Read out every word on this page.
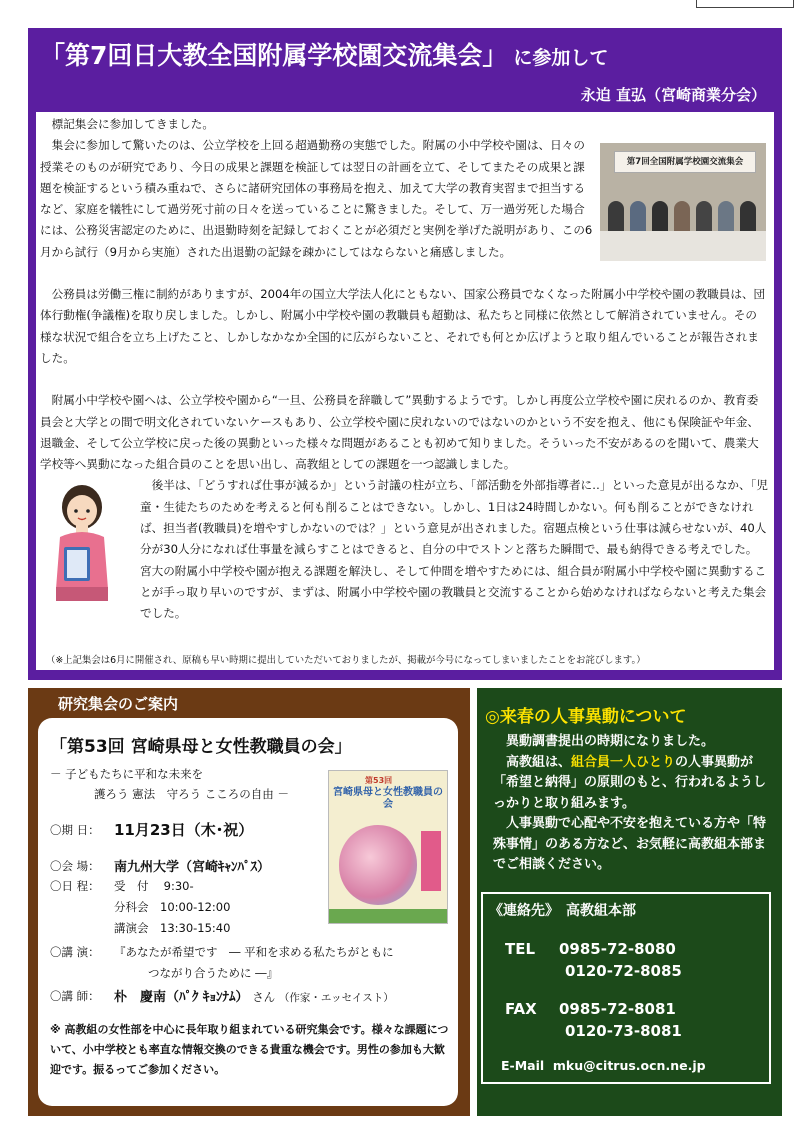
「第7回日大教全国附属学校園交流集会」 に参加して
永迫 直弘（宮崎商業分会）

標記集会に参加してきました。

第7回全国附属学校園交流集会

集会に参加して驚いたのは、公立学校を上回る超過勤務の実態でした。附属の小中学校や園は、日々の授業そのものが研究であり、今日の成果と課題を検証しては翌日の計画を立て、そしてまたその成果と課題を検証するという積み重ねで、さらに諸研究団体の事務局を抱え、加えて大学の教育実習まで担当するなど、家庭を犠牲にして過労死寸前の日々を送っていることに驚きました。そして、万一過労死した場合には、公務災害認定のために、出退勤時刻を記録しておくことが必須だと実例を挙げた説明があり、この6月から試行（9月から実施）された出退勤の記録を疎かにしてはならないと痛感しました。

公務員は労働三権に制約がありますが、2004年の国立大学法人化にともない、国家公務員でなくなった附属小中学校や園の教職員は、団体行動権(争議権)を取り戻しました。しかし、附属小中学校や園の教職員も超勤は、私たちと同様に依然として解消されていません。その様な状況で組合を立ち上げたこと、しかしなかなか全国的に広がらないこと、それでも何とか広げようと取り組んでいることが報告されました。

附属小中学校や園へは、公立学校や園から“一旦、公務員を辞職して”異動するようです。しかし再度公立学校や園に戻れるのか、教育委員会と大学との間で明文化されていないケースもあり、公立学校や園に戻れないのではないのかという不安を抱え、他にも保険証や年金、退職金、そして公立学校に戻った後の異動といった様々な問題があることも初めて知りました。そういった不安があるのを聞いて、農業大学校等へ異動になった組合員のことを思い出し、高教組としての課題を一つ認識しました。

後半は、「どうすれば仕事が減るか」という討議の柱が立ち、「部活動を外部指導者に‥」といった意見が出るなか、「児童・生徒たちのためを考えると何も削ることはできない。しかし、1日は24時間しかない。何も削ることができなければ、担当者(教職員)を増やすしかないのでは？」という意見が出されました。宿題点検という仕事は減らせないが、40人分が30人分になれば仕事量を減らすことはできると、自分の中でストンと落ちた瞬間で、最も納得できる考えでした。宮大の附属小中学校や園が抱える課題を解決し、そして仲間を増やすためには、組合員が附属小中学校や園に異動することが手っ取り早いのですが、まずは、附属小中学校や園の教職員と交流することから始めなければならないと考えた集会でした。

（※上記集会は6月に開催され、原稿も早い時期に提出していただいておりましたが、掲載が今号になってしまいましたことをお詫びします。）
研究集会のご案内
「第53回 宮崎県母と女性教職員の会」
－ 子どもたちに平和な未来を
護ろう 憲法　守ろう こころの自由 －
第53回
宮崎県母と女性教職員の会
〇期 日： 11月23日（木･祝）
〇会 場： 南九州大学（宮崎ｷｬﾝﾊﾟｽ）
〇日 程： 受　付　 9:30-
分科会　10:00-12:00
講演会　13:30-15:40
〇講 演： 『あなたが希望です　― 平和を求める私たちがともに
つながり合うために ―』
〇講 師： 朴　慶南（ﾊﾟｸ ｷｮﾝﾅﾑ） さん （作家・エッセイスト）
※ 高教組の女性部を中心に長年取り組まれている研究集会です。様々な課題について、小中学校とも率直な情報交換のできる貴重な機会です。男性の参加も大歓迎です。振るってご参加ください。
◎来春の人事異動について
異動調書提出の時期になりました。
高教組は、組合員一人ひとりの人事異動が「希望と納得」の原則のもと、行われるようしっかりと取り組みます。
人事異動で心配や不安を抱えている方や「特殊事情」のある方など、お気軽に高教組本部までご相談ください。
《連絡先》　高教組本部
TEL 0985-72-8080
0120-72-8085
FAX 0985-72-8081
0120-73-8081
E-Mail mku@citrus.ocn.ne.jp
